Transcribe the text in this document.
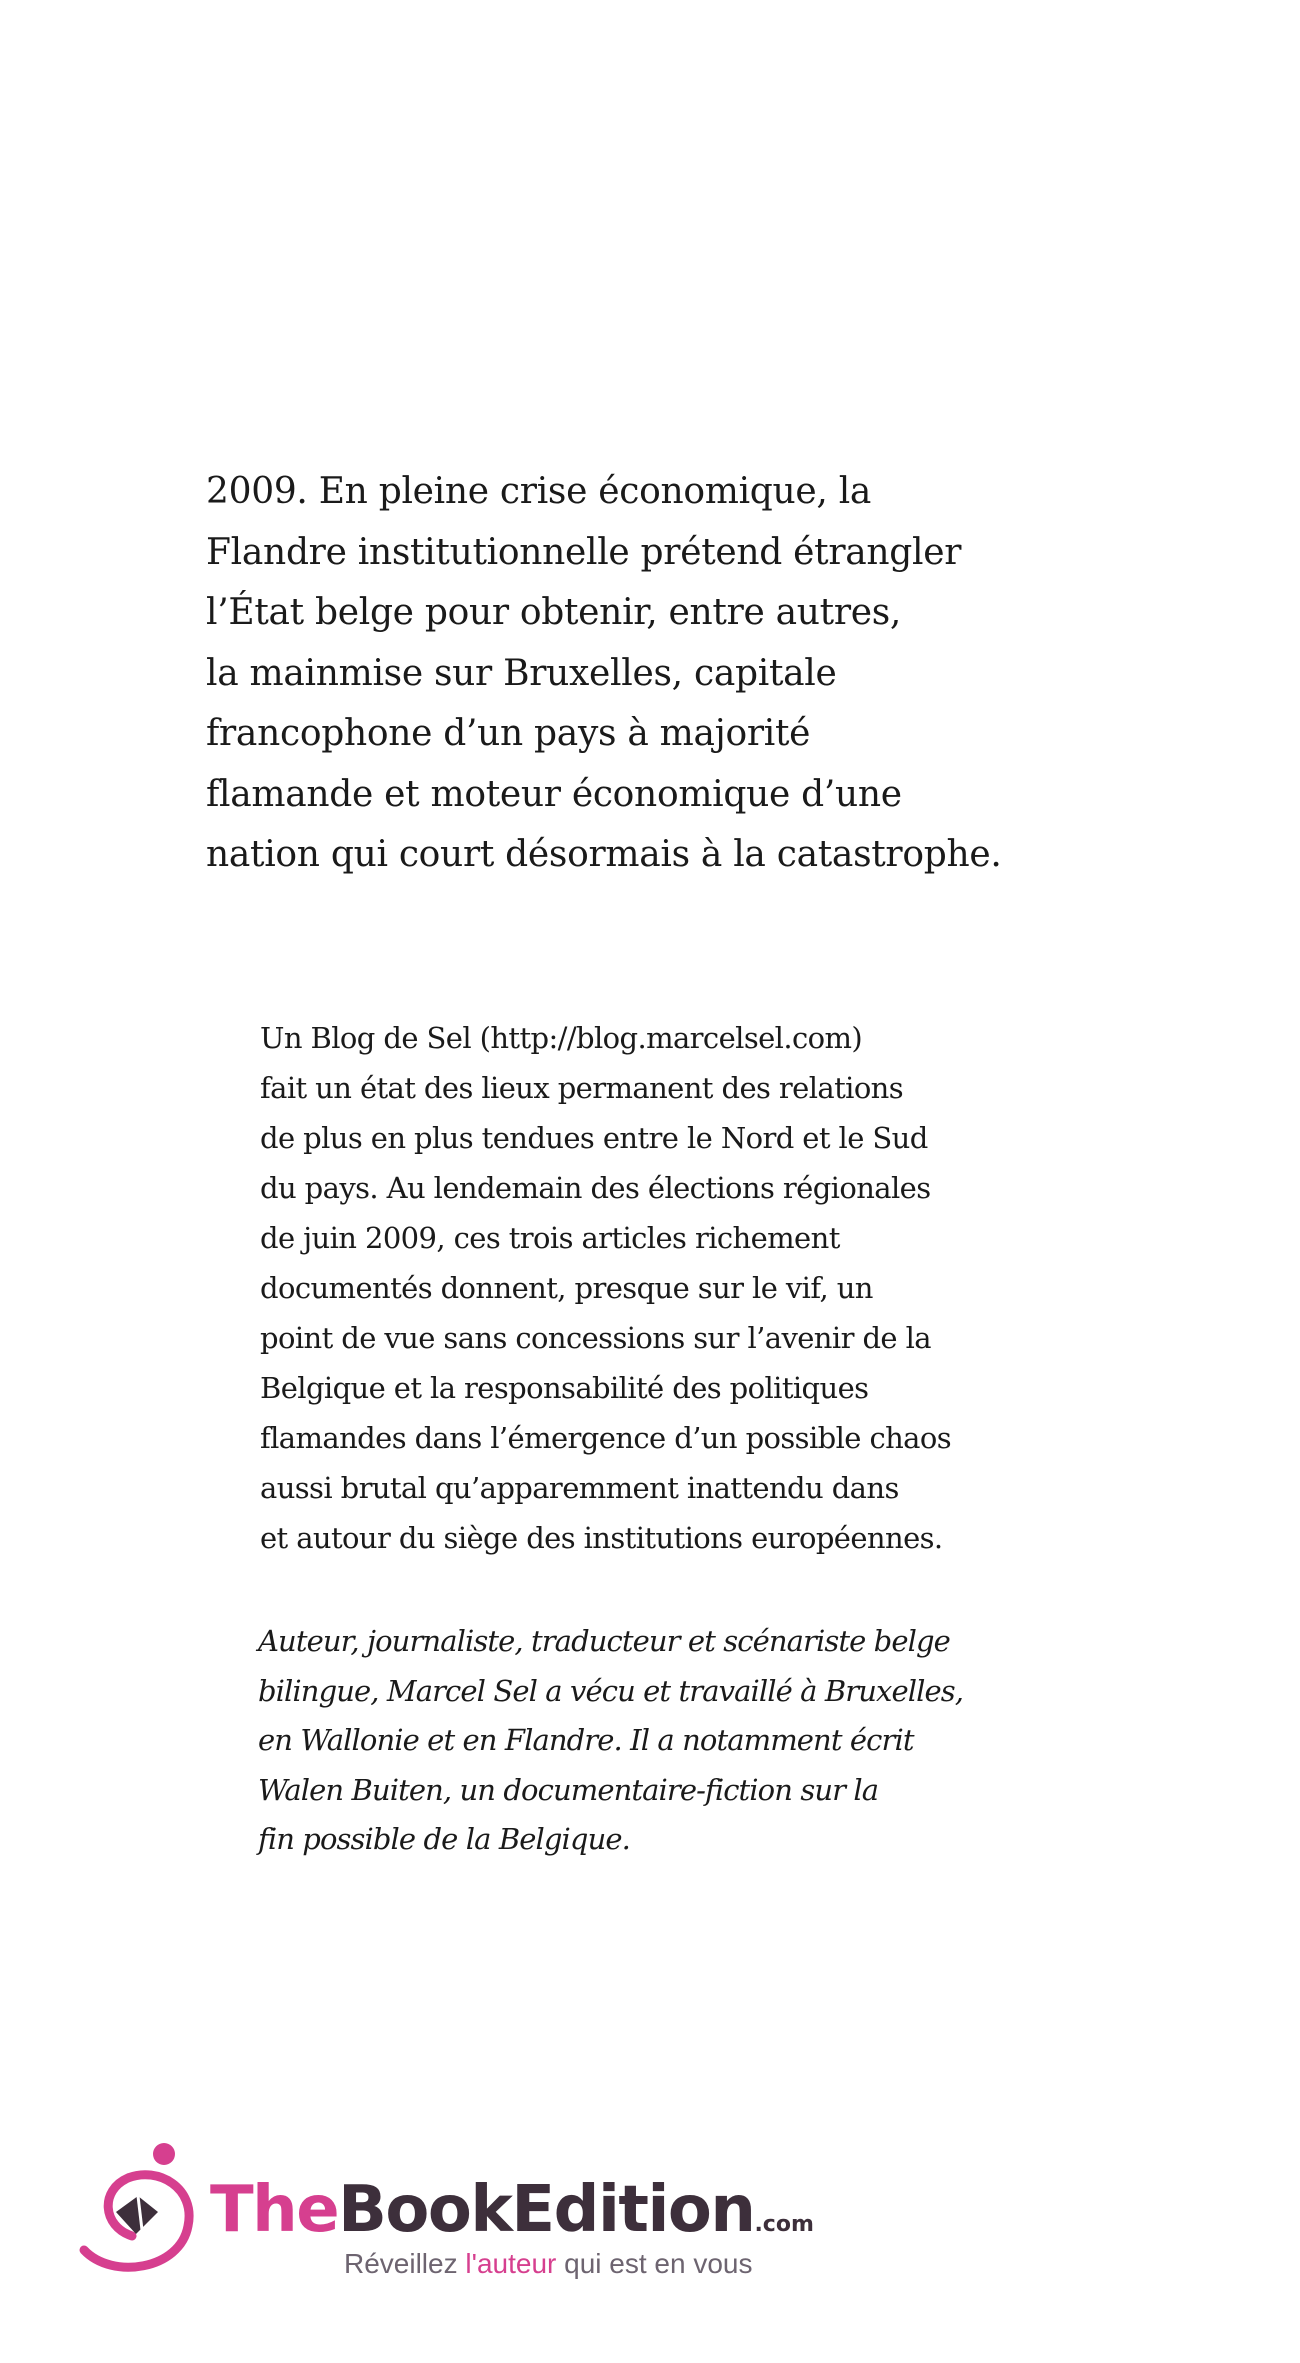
2009. En pleine crise économique, la
Flandre institutionnelle prétend étrangler
l’État belge pour obtenir, entre autres,
la mainmise sur Bruxelles, capitale
francophone d’un pays à majorité
flamande et moteur économique d’une
nation qui court désormais à la catastrophe.
Un Blog de Sel (http://blog.marcelsel.com)
fait un état des lieux permanent des relations
de plus en plus tendues entre le Nord et le Sud
du pays. Au lendemain des élections régionales
de juin 2009, ces trois articles richement
documentés donnent, presque sur le vif, un
point de vue sans concessions sur l’avenir de la
Belgique et la responsabilité des politiques
flamandes dans l’émergence d’un possible chaos
aussi brutal qu’apparemment inattendu dans
et autour du siège des institutions européennes.
Auteur, journaliste, traducteur et scénariste belge
bilingue, Marcel Sel a vécu et travaillé à Bruxelles,
en Wallonie et en Flandre. Il a notamment écrit
Walen Buiten, un documentaire-fiction sur la
fin possible de la Belgique.
TheBookEdition.com
Réveillez l'auteur qui est en vous
